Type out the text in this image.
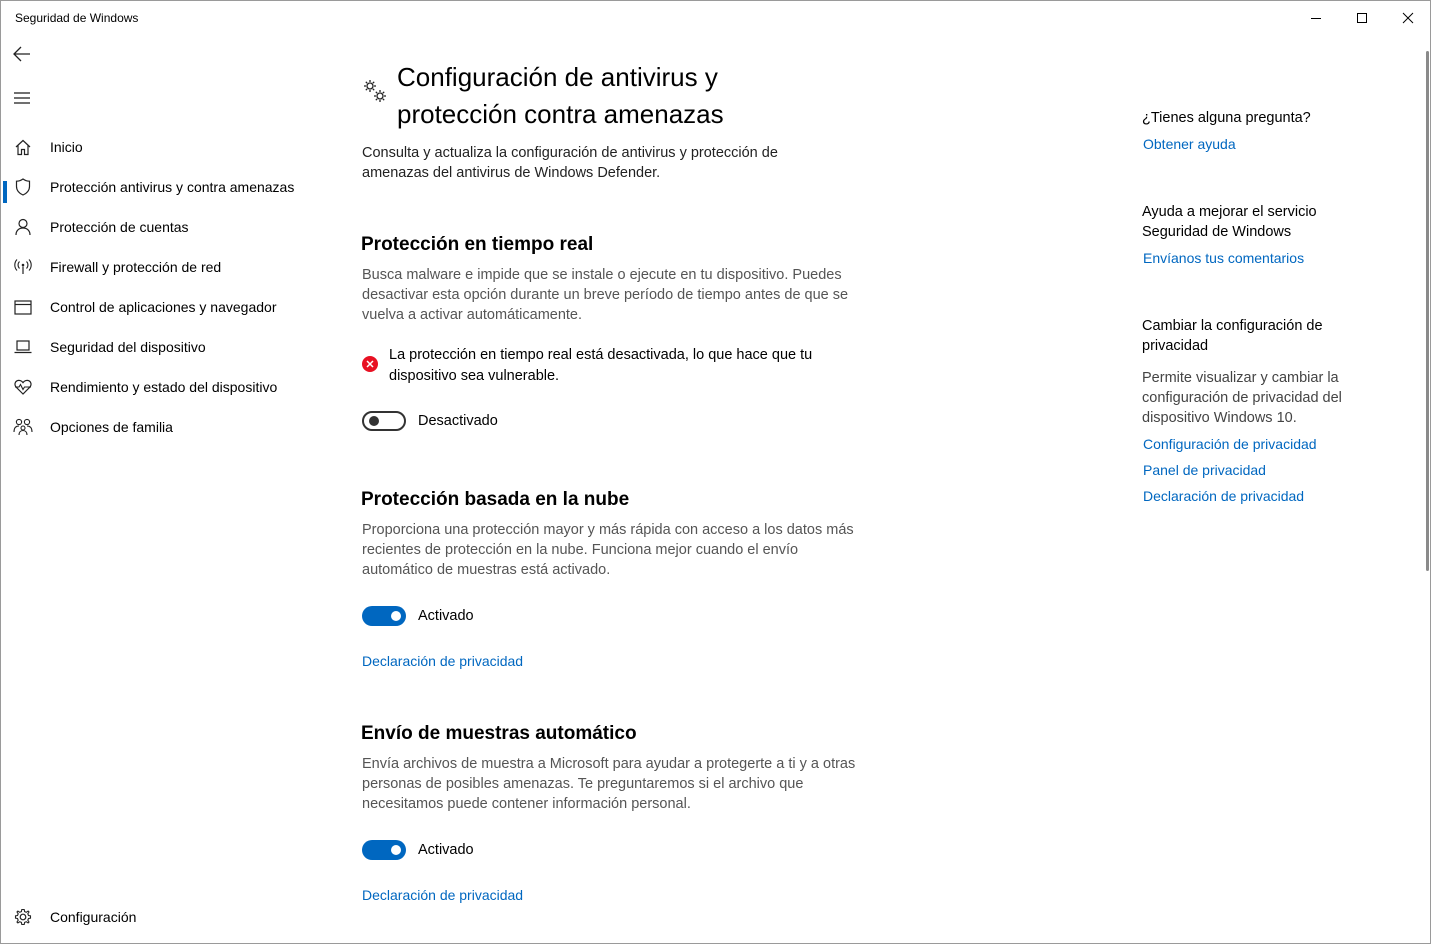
Seguridad de Windows
Inicio
Protección antivirus y contra amenazas
Protección de cuentas
Firewall y protección de red
Control de aplicaciones y navegador
Seguridad del dispositivo
Rendimiento y estado del dispositivo
Opciones de familia
Configuración
Configuración de antivirus y protección contra amenazas

Consulta y actualiza la configuración de antivirus y protección de amenazas del antivirus de Windows Defender.

Protección en tiempo real

Busca malware e impide que se instale o ejecute en tu dispositivo. Puedes desactivar esta opción durante un breve período de tiempo antes de que se vuelva a activar automáticamente.

La protección en tiempo real está desactivada, lo que hace que tu dispositivo sea vulnerable.
Desactivado
Protección basada en la nube

Proporciona una protección mayor y más rápida con acceso a los datos más recientes de protección en la nube. Funciona mejor cuando el envío automático de muestras está activado.

Activado
Declaración de privacidad
Envío de muestras automático

Envía archivos de muestra a Microsoft para ayudar a protegerte a ti y a otras personas de posibles amenazas. Te preguntaremos si el archivo que necesitamos puede contener información personal.

Activado
Declaración de privacidad

¿Tienes alguna pregunta?

Obtener ayuda

Ayuda a mejorar el servicio Seguridad de Windows

Envíanos tus comentarios

Cambiar la configuración de privacidad

Permite visualizar y cambiar la configuración de privacidad del dispositivo Windows 10.

Configuración de privacidad
Panel de privacidad
Declaración de privacidad
